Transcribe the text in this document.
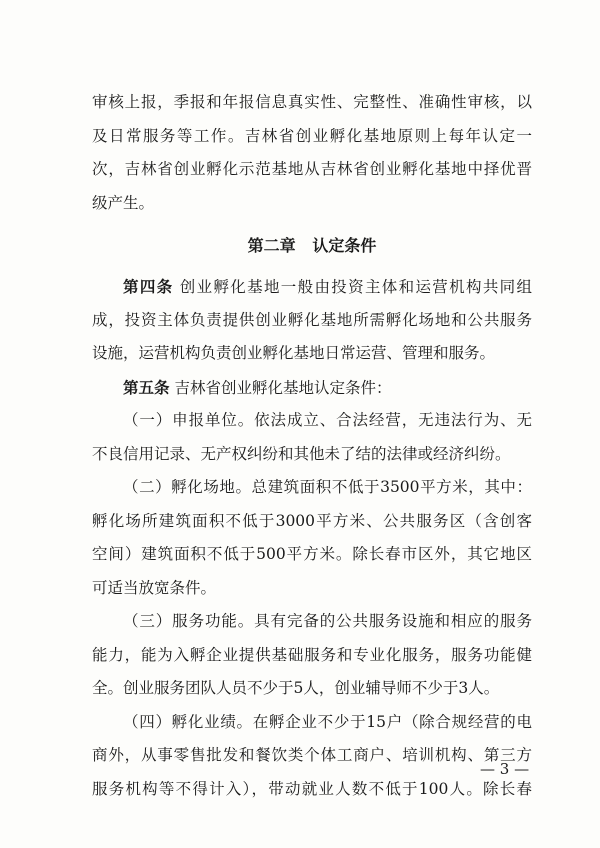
审核上报，季报和年报信息真实性、完整性、准确性审核，以
及日常服务等工作。吉林省创业孵化基地原则上每年认定一
次，吉林省创业孵化示范基地从吉林省创业孵化基地中择优晋
级产生。
第二章   认定条件
第四条 创业孵化基地一般由投资主体和运营机构共同组
成，投资主体负责提供创业孵化基地所需孵化场地和公共服务
设施，运营机构负责创业孵化基地日常运营、管理和服务。
第五条 吉林省创业孵化基地认定条件：
（一）申报单位。依法成立、合法经营，无违法行为、无
不良信用记录、无产权纠纷和其他未了结的法律或经济纠纷。
（二）孵化场地。总建筑面积不低于3500平方米，其中：
孵化场所建筑面积不低于3000平方米、公共服务区（含创客
空间）建筑面积不低于500平方米。除长春市区外，其它地区
可适当放宽条件。
（三）服务功能。具有完备的公共服务设施和相应的服务
能力，能为入孵企业提供基础服务和专业化服务，服务功能健
全。创业服务团队人员不少于5人，创业辅导师不少于3人。
（四）孵化业绩。在孵企业不少于15户（除合规经营的电
商外，从事零售批发和餐饮类个体工商户、培训机构、第三方
服务机构等不得计入），带动就业人数不低于100人。除长春
— 3 —
